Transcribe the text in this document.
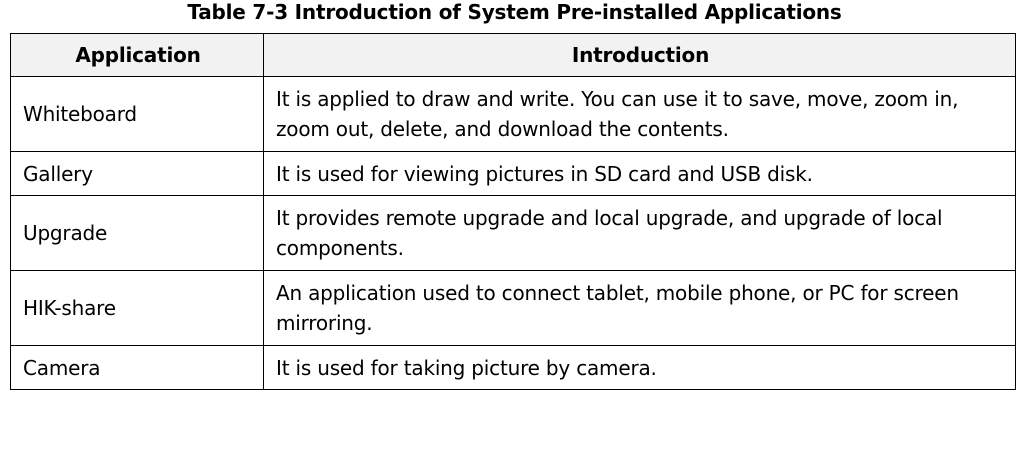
Table 7-3 Introduction of System Pre-installed Applications
Application	Introduction
Whiteboard	It is applied to draw and write. You can use it to save, move, zoom in, zoom out, delete, and download the contents.
Gallery	It is used for viewing pictures in SD card and USB disk.
Upgrade	It provides remote upgrade and local upgrade, and upgrade of local components.
HIK-share	An application used to connect tablet, mobile phone, or PC for screen mirroring.
Camera	It is used for taking picture by camera.
